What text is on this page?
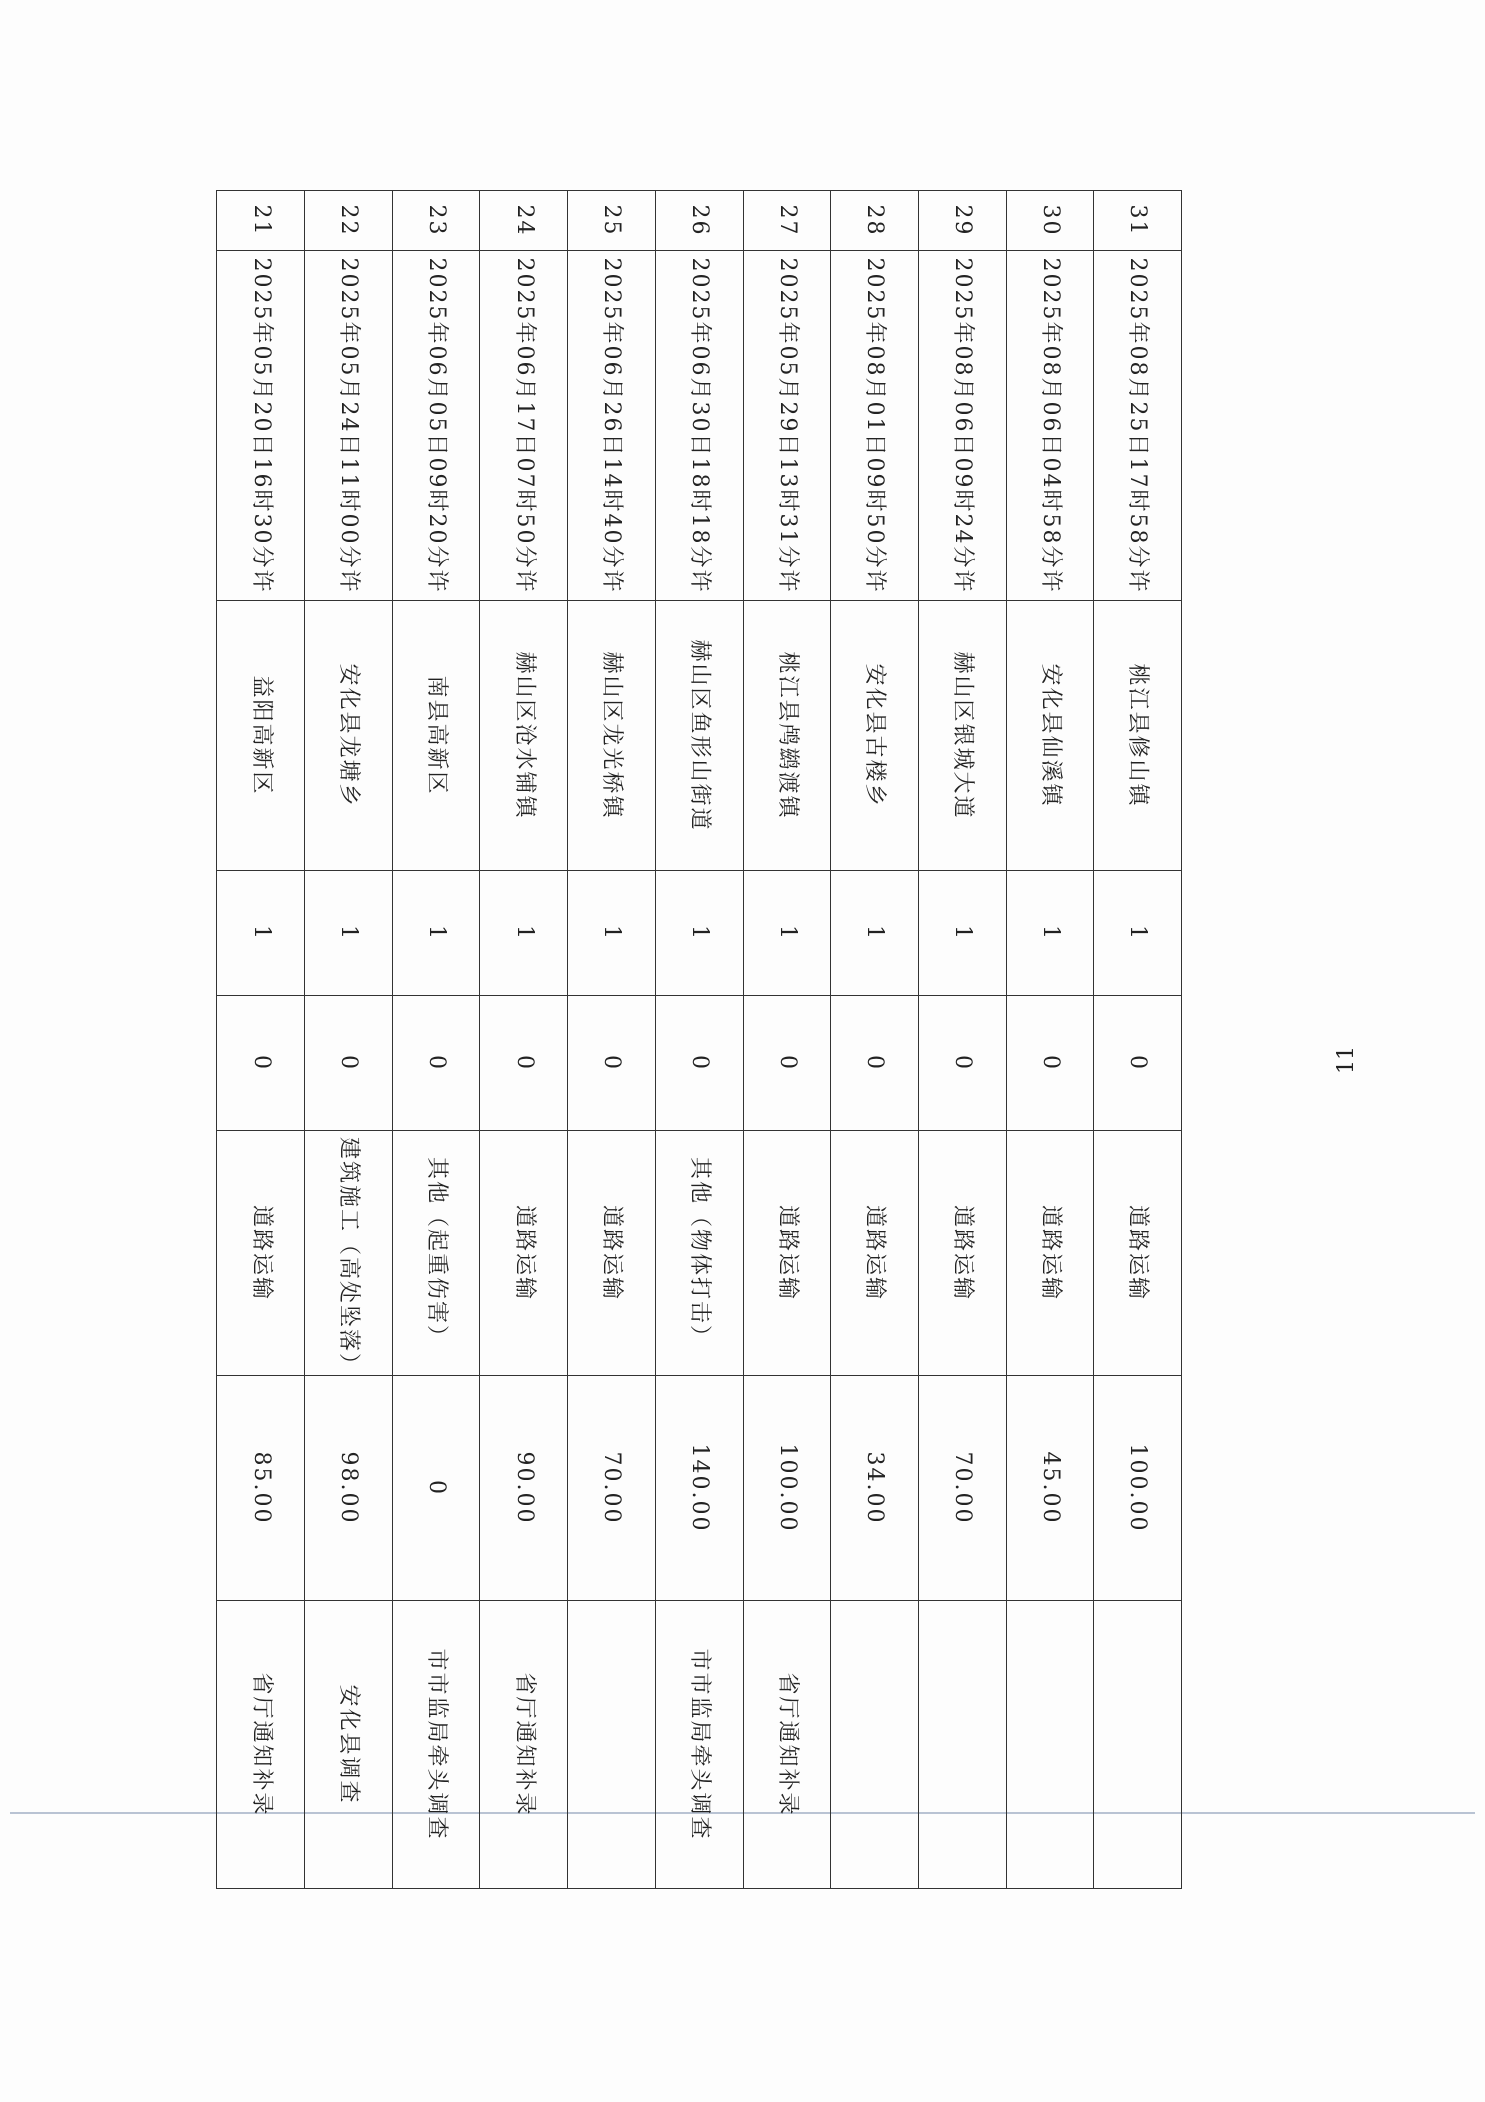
31	2025年08月25日17时58分许	桃江县修山镇	1	0	道路运输	100.00	
30	2025年08月06日04时58分许	安化县仙溪镇	1	0	道路运输	45.00	
29	2025年08月06日09时24分许	赫山区银城大道	1	0	道路运输	70.00	
28	2025年08月01日09时50分许	安化县古楼乡	1	0	道路运输	34.00	
27	2025年05月29日13时31分许	桃江县鸬鹚渡镇	1	0	道路运输	100.00	省厅通知补录
26	2025年06月30日18时18分许	赫山区鱼形山街道	1	0	其他（物体打击）	140.00	市市监局牵头调查
25	2025年06月26日14时40分许	赫山区龙光桥镇	1	0	道路运输	70.00	
24	2025年06月17日07时50分许	赫山区沧水铺镇	1	0	道路运输	90.00	省厅通知补录
23	2025年06月05日09时20分许	南县高新区	1	0	其他（起重伤害）	0	市市监局牵头调查
22	2025年05月24日11时00分许	安化县龙塘乡	1	0	建筑施工（高处坠落）	98.00	安化县调查
21	2025年05月20日16时30分许	益阳高新区	1	0	道路运输	85.00	省厅通知补录
11
